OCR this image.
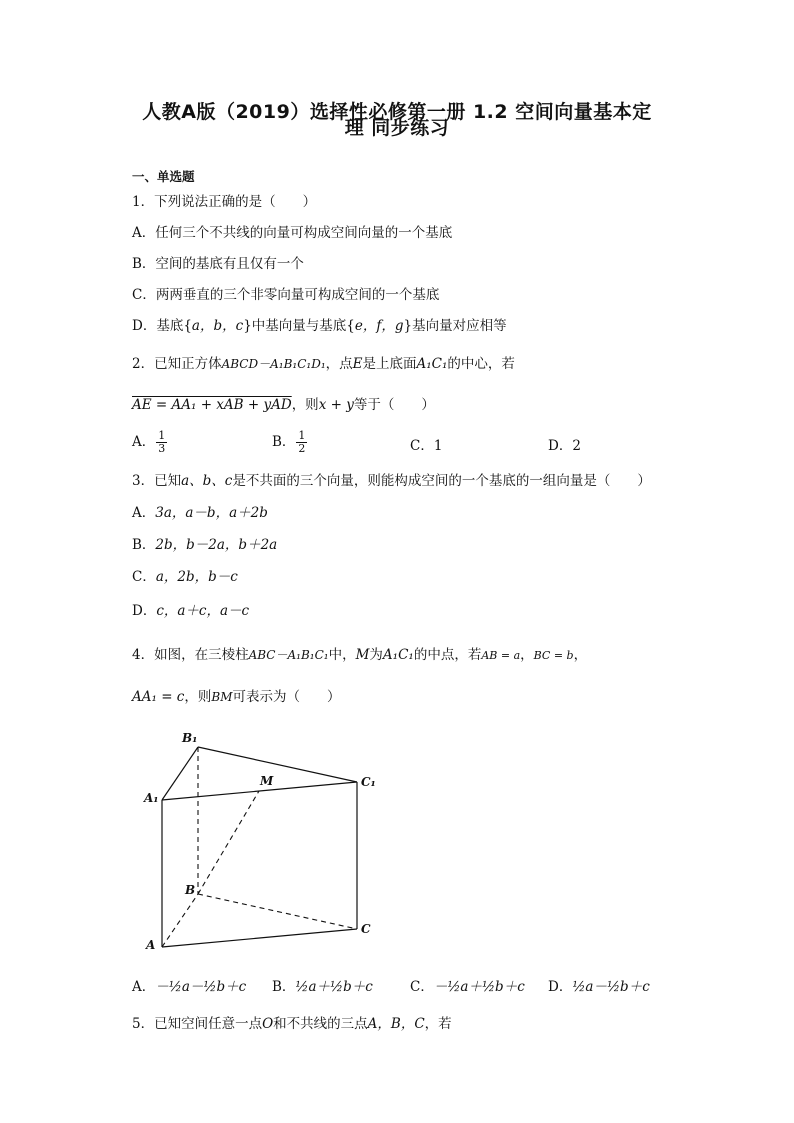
人教A版（2019）选择性必修第一册 1.2 空间向量基本定
理 同步练习
一、单选题
1．下列说法正确的是（　　）
A．任何三个不共线的向量可构成空间向量的一个基底
B．空间的基底有且仅有一个
C．两两垂直的三个非零向量可构成空间的一个基底
D．基底{a，b，c}中基向量与基底{e，f，g}基向量对应相等
2．已知正方体ABCD－A₁B₁C₁D₁，点E是上底面A₁C₁的中心，若
AE = AA₁ + xAB + yAD，则x + y等于（　　）
A． $\frac{1}{3}$	B． $\frac{1}{2}$	C．1	D．2
3．已知a、b、c是不共面的三个向量，则能构成空间的一个基底的一组向量是（　　）
A．3a，a－b，a＋2b
B．2b，b－2a，b＋2a
C．a，2b，b－c
D．c，a＋c，a－c
4．如图，在三棱柱ABC－A₁B₁C₁中，M为A₁C₁的中点，若AB = a，BC = b，
AA₁ = c，则BM可表示为（　　）
B₁
A₁
C₁
M
B
A
C
A．－½a－½b＋c B．½a＋½b＋c	C．－½a＋½b＋c D．½a－½b＋c
5．已知空间任意一点O和不共线的三点A，B，C，若
